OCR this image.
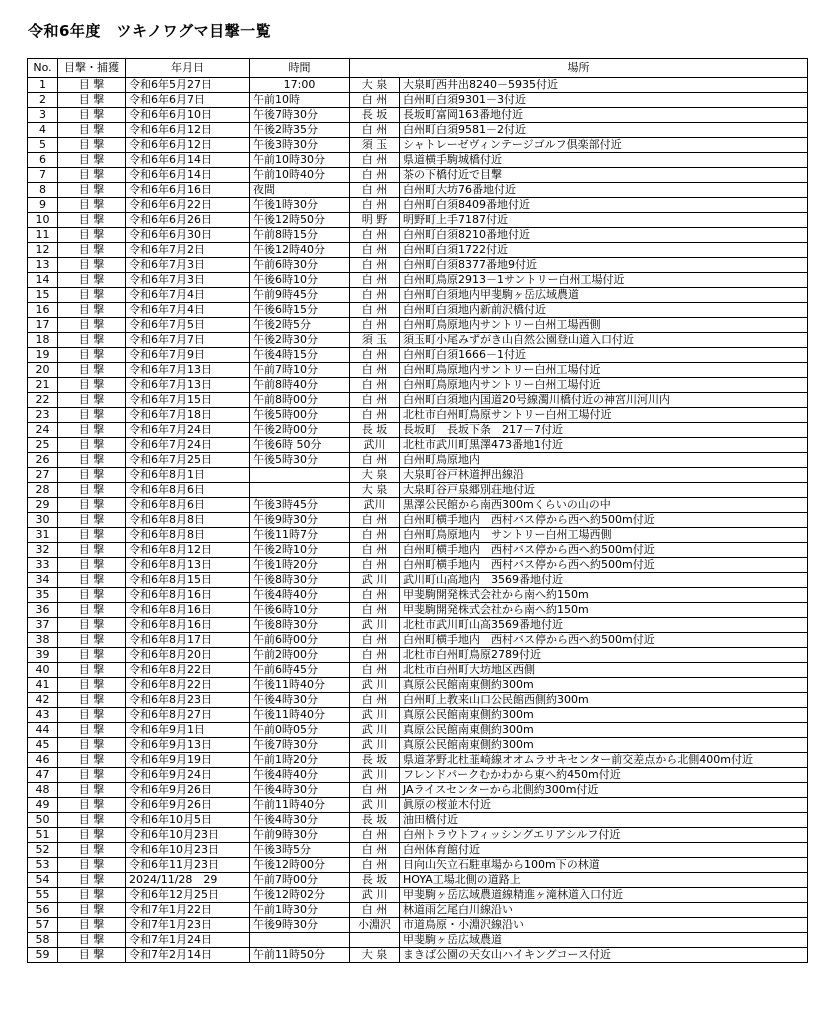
令和6年度　ツキノワグマ目撃一覧
No.	目撃・捕獲	年月日	時間	場所	
1	目 撃	令和6年5月27日	17:00	大 泉	大泉町西井出8240－5935付近
2	目 撃	令和6年6月7日	午前10時	白 州	白州町白須9301－3付近
3	目 撃	令和6年6月10日	午後7時30分	長 坂	長坂町富岡163番地付近
4	目 撃	令和6年6月12日	午後2時35分	白 州	白州町白須9581－2付近
5	目 撃	令和6年6月12日	午後3時30分	須 玉	シャトレーゼヴィンテージゴルフ倶楽部付近
6	目 撃	令和6年6月14日	午前10時30分	白 州	県道横手駒城橋付近
7	目 撃	令和6年6月14日	午前10時40分	白 州	茶の下橋付近で目撃
8	目 撃	令和6年6月16日	夜間	白 州	白州町大坊76番地付近
9	目 撃	令和6年6月22日	午後1時30分	白 州	白州町白須8409番地付近
10	目 撃	令和6年6月26日	午後12時50分	明 野	明野町上手7187付近
11	目 撃	令和6年6月30日	午前8時15分	白 州	白州町白須8210番地付近
12	目 撃	令和6年7月2日	午後12時40分	白 州	白州町白須1722付近
13	目 撃	令和6年7月3日	午前6時30分	白 州	白州町白須8377番地9付近
14	目 撃	令和6年7月3日	午後6時10分	白 州	白州町鳥原2913－1サントリー白州工場付近
15	目 撃	令和6年7月4日	午前9時45分	白 州	白州町白須地内甲斐駒ヶ岳広域農道
16	目 撃	令和6年7月4日	午後6時15分	白 州	白州町白須地内新前沢橋付近
17	目 撃	令和6年7月5日	午後2時5分	白 州	白州町鳥原地内サントリー白州工場西側
18	目 撃	令和6年7月7日	午後2時30分	須 玉	須玉町小尾みずがき山自然公園登山道入口付近
19	目 撃	令和6年7月9日	午後4時15分	白 州	白州町白須1666－1付近
20	目 撃	令和6年7月13日	午前7時10分	白 州	白州町鳥原地内サントリー白州工場付近
21	目 撃	令和6年7月13日	午前8時40分	白 州	白州町鳥原地内サントリー白州工場付近
22	目 撃	令和6年7月15日	午前8時00分	白 州	白州町白須地内国道20号線濁川橋付近の神宮川河川内
23	目 撃	令和6年7月18日	午後5時00分	白 州	北杜市白州町鳥原サントリー白州工場付近
24	目 撃	令和6年7月24日	午後2時00分	長 坂	長坂町　長坂下条　217－7付近
25	目 撃	令和6年7月24日	午後6時 50分	武川	北杜市武川町黒澤473番地1付近
26	目 撃	令和6年7月25日	午後5時30分	白 州	白州町鳥原地内
27	目 撃	令和6年8月1日		大 泉	大泉町谷戸林道押出線沿
28	目 撃	令和6年8月6日		大 泉	大泉町谷戸泉郷別荘地付近
29	目 撃	令和6年8月6日	午後3時45分	武川	黒澤公民館から南西300mくらいの山の中
30	目 撃	令和6年8月8日	午後9時30分	白 州	白州町横手地内　西村バス停から西へ約500m付近
31	目 撃	令和6年8月8日	午後11時7分	白 州	白州町鳥原地内　サントリー白州工場西側
32	目 撃	令和6年8月12日	午後2時10分	白 州	白州町横手地内　西村バス停から西へ約500m付近
33	目 撃	令和6年8月13日	午後1時20分	白 州	白州町横手地内　西村バス停から西へ約500m付近
34	目 撃	令和6年8月15日	午後8時30分	武 川	武川町山高地内　3569番地付近
35	目 撃	令和6年8月16日	午後4時40分	白 州	甲斐駒開発株式会社から南へ約150m
36	目 撃	令和6年8月16日	午後6時10分	白 州	甲斐駒開発株式会社から南へ約150m
37	目 撃	令和6年8月16日	午後8時30分	武 川	北杜市武川町山高3569番地付近
38	目 撃	令和6年8月17日	午前6時00分	白 州	白州町横手地内　西村バス停から西へ約500m付近
39	目 撃	令和6年8月20日	午前2時00分	白 州	北杜市白州町鳥原2789付近
40	目 撃	令和6年8月22日	午前6時45分	白 州	北杜市白州町大坊地区西側
41	目 撃	令和6年8月22日	午後11時40分	武 川	真原公民館南東側約300m
42	目 撃	令和6年8月23日	午後4時30分	白 州	白州町上教来山口公民館西側約300m
43	目 撃	令和6年8月27日	午後11時40分	武 川	真原公民館南東側約300m
44	目 撃	令和6年9月1日	午前0時05分	武 川	真原公民館南東側約300m
45	目 撃	令和6年9月13日	午後7時30分	武 川	真原公民館南東側約300m
46	目 撃	令和6年9月19日	午前1時20分	長 坂	県道茅野北杜韮崎線オオムラサキセンター前交差点から北側400m付近
47	目 撃	令和6年9月24日	午後4時40分	武 川	フレンドパークむかわから東へ約450m付近
48	目 撃	令和6年9月26日	午後4時30分	白 州	JAライスセンターから北側約300m付近
49	目 撃	令和6年9月26日	午前11時40分	武 川	眞原の桜並木付近
50	目 撃	令和6年10月5日	午後4時30分	長 坂	油田橋付近
51	目 撃	令和6年10月23日	午前9時30分	白 州	白州トラウトフィッシングエリアシルフ付近
52	目 撃	令和6年10月23日	午後3時5分	白 州	白州体育館付近
53	目 撃	令和6年11月23日	午後12時00分	白 州	日向山矢立石駐車場から100m下の林道
54	目 撃	2024/11/28　29	午前7時00分	長 坂	HOYA工場北側の道路上
55	目 撃	令和6年12月25日	午後12時02分	武 川	甲斐駒ヶ岳広域農道線精進ヶ滝林道入口付近
56	目 撃	令和7年1月22日	午前1時30分	白 州	林道雨乞尾白川線沿い
57	目 撃	令和7年1月23日	午後9時30分	小淵沢	市道鳥原・小淵沢線沿い
58	目 撃	令和7年1月24日			甲斐駒ヶ岳広域農道
59	目 撃	令和7年2月14日	午前11時50分	大 泉	まきば公園の天女山ハイキングコース付近
